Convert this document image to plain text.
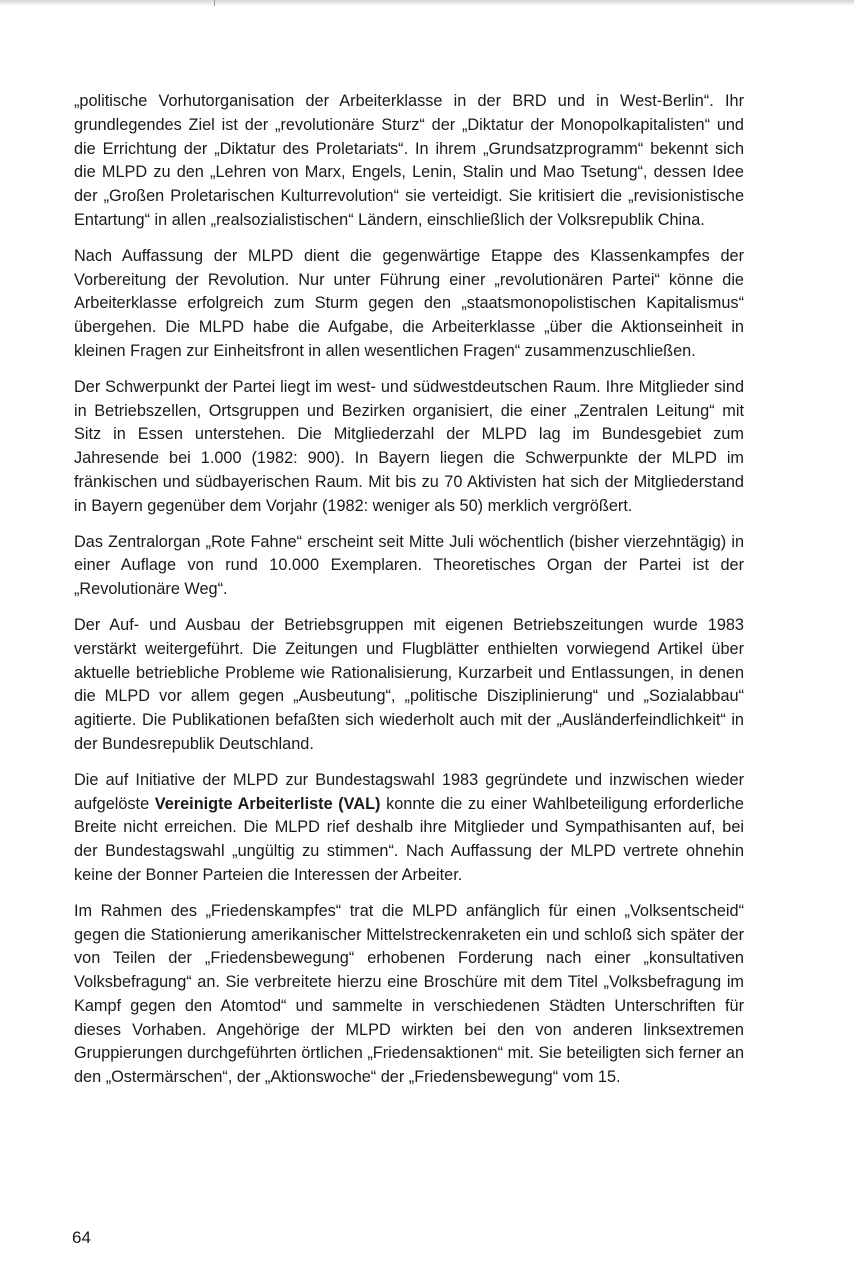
„politische Vorhutorganisation der Arbeiterklasse in der BRD und in West-Berlin“. Ihr grundlegendes Ziel ist der „revolutionäre Sturz“ der „Diktatur der Monopolkapitalisten“ und die Errichtung der „Diktatur des Proletariats“. In ihrem „Grundsatzprogramm“ bekennt sich die MLPD zu den „Lehren von Marx, Engels, Lenin, Stalin und Mao Tsetung“, dessen Idee der „Großen Proletarischen Kulturrevolution“ sie verteidigt. Sie kritisiert die „revisionistische Entartung“ in allen „realsozialistischen“ Ländern, einschließlich der Volksrepublik China.

Nach Auffassung der MLPD dient die gegenwärtige Etappe des Klassenkampfes der Vorbereitung der Revolution. Nur unter Führung einer „revolutionären Partei“ könne die Arbeiterklasse erfolgreich zum Sturm gegen den „staatsmonopolistischen Kapitalismus“ übergehen. Die MLPD habe die Aufgabe, die Arbeiterklasse „über die Aktionseinheit in kleinen Fragen zur Einheitsfront in allen wesentlichen Fragen“ zusammenzuschließen.

Der Schwerpunkt der Partei liegt im west- und südwestdeutschen Raum. Ihre Mitglieder sind in Betriebszellen, Ortsgruppen und Bezirken organisiert, die einer „Zentralen Leitung“ mit Sitz in Essen unterstehen. Die Mitgliederzahl der MLPD lag im Bundesgebiet zum Jahresende bei 1.000 (1982: 900). In Bayern liegen die Schwerpunkte der MLPD im fränkischen und südbayerischen Raum. Mit bis zu 70 Aktivisten hat sich der Mitgliederstand in Bayern gegenüber dem Vorjahr (1982: weniger als 50) merklich vergrößert.

Das Zentralorgan „Rote Fahne“ erscheint seit Mitte Juli wöchentlich (bisher vierzehntägig) in einer Auflage von rund 10.000 Exemplaren. Theoretisches Organ der Partei ist der „Revolutionäre Weg“.

Der Auf- und Ausbau der Betriebsgruppen mit eigenen Betriebszeitungen wurde 1983 verstärkt weitergeführt. Die Zeitungen und Flugblätter enthielten vorwiegend Artikel über aktuelle betriebliche Probleme wie Rationalisierung, Kurzarbeit und Entlassungen, in denen die MLPD vor allem gegen „Ausbeutung“, „politische Disziplinierung“ und „Sozialabbau“ agitierte. Die Publikationen befaßten sich wiederholt auch mit der „Ausländerfeindlichkeit“ in der Bundesrepublik Deutschland.

Die auf Initiative der MLPD zur Bundestagswahl 1983 gegründete und inzwischen wieder aufgelöste Vereinigte Arbeiterliste (VAL) konnte die zu einer Wahlbeteiligung erforderliche Breite nicht erreichen. Die MLPD rief deshalb ihre Mitglieder und Sympathisanten auf, bei der Bundestagswahl „ungültig zu stimmen“. Nach Auffassung der MLPD vertrete ohnehin keine der Bonner Parteien die Interessen der Arbeiter.

Im Rahmen des „Friedenskampfes“ trat die MLPD anfänglich für einen „Volksentscheid“ gegen die Stationierung amerikanischer Mittelstreckenraketen ein und schloß sich später der von Teilen der „Friedensbewegung“ erhobenen Forderung nach einer „konsultativen Volksbefragung“ an. Sie verbreitete hierzu eine Broschüre mit dem Titel „Volksbefragung im Kampf gegen den Atomtod“ und sammelte in verschiedenen Städten Unterschriften für dieses Vorhaben. Angehörige der MLPD wirkten bei den von anderen linksextremen Gruppierungen durchgeführten örtlichen „Friedensaktionen“ mit. Sie beteiligten sich ferner an den „Ostermärschen“, der „Aktionswoche“ der „Friedensbewegung“ vom 15.

64
